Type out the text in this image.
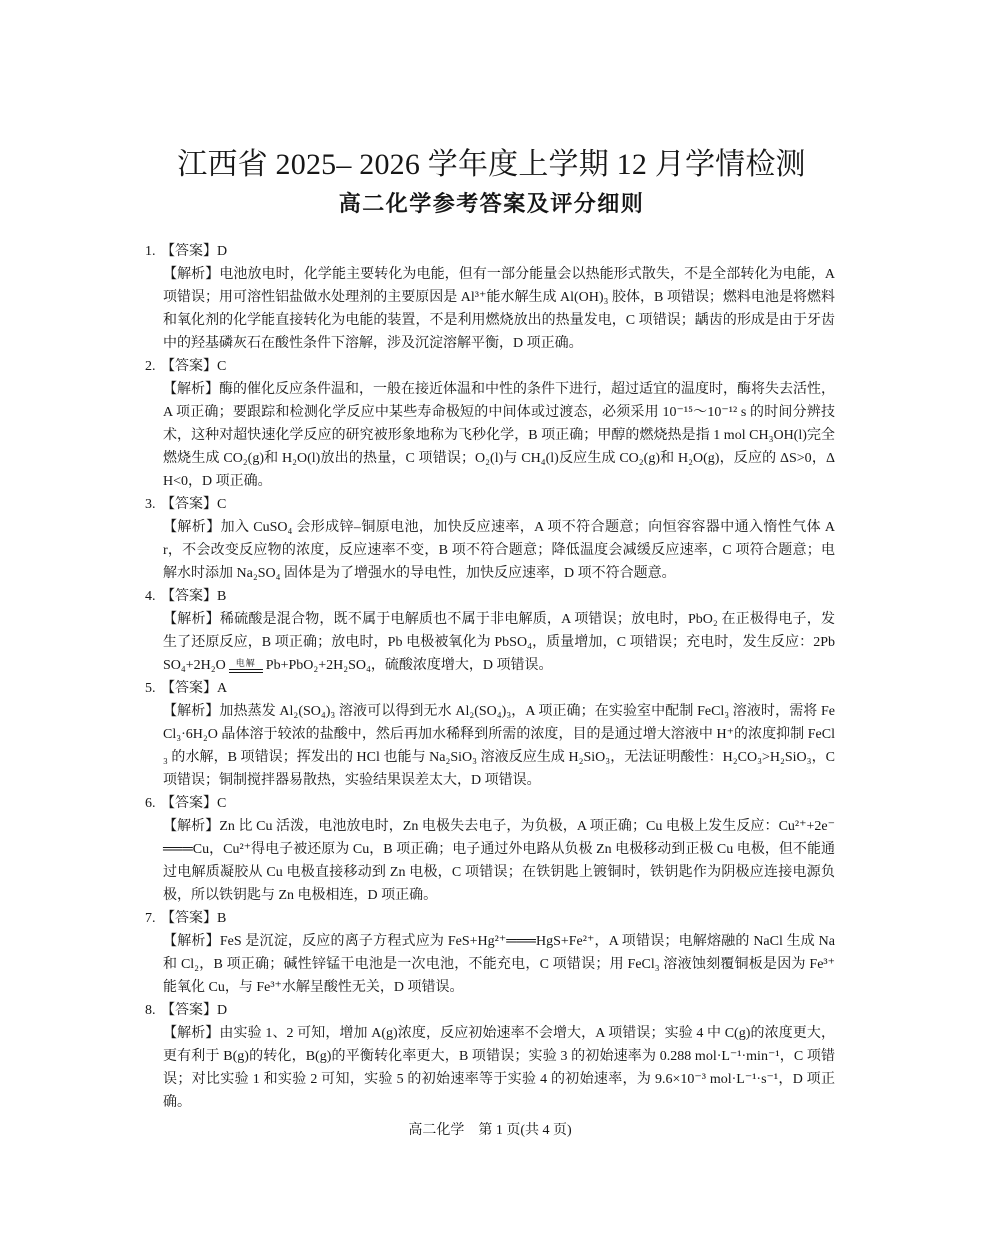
江西省 2025– 2026 学年度上学期 12 月学情检测
高二化学参考答案及评分细则
1. 【答案】D
【解析】电池放电时，化学能主要转化为电能，但有一部分能量会以热能形式散失，不是全部转化为电能，A 项错误；用可溶性铝盐做水处理剂的主要原因是 Al³⁺能水解生成 Al(OH)₃ 胶体，B 项错误；燃料电池是将燃料和氧化剂的化学能直接转化为电能的装置，不是利用燃烧放出的热量发电，C 项错误；龋齿的形成是由于牙齿中的羟基磷灰石在酸性条件下溶解，涉及沉淀溶解平衡，D 项正确。
2. 【答案】C
【解析】酶的催化反应条件温和，一般在接近体温和中性的条件下进行，超过适宜的温度时，酶将失去活性，A 项正确；要跟踪和检测化学反应中某些寿命极短的中间体或过渡态，必须采用 10⁻¹⁵～10⁻¹² s 的时间分辨技术，这种对超快速化学反应的研究被形象地称为飞秒化学，B 项正确；甲醇的燃烧热是指 1 mol CH₃OH(l)完全燃烧生成 CO₂(g)和 H₂O(l)放出的热量，C 项错误；O₂(l)与 CH₄(l)反应生成 CO₂(g)和 H₂O(g)，反应的 ΔS>0，ΔH<0，D 项正确。
3. 【答案】C
【解析】加入 CuSO₄ 会形成锌–铜原电池，加快反应速率，A 项不符合题意；向恒容容器中通入惰性气体 Ar，不会改变反应物的浓度，反应速率不变，B 项不符合题意；降低温度会减缓反应速率，C 项符合题意；电解水时添加 Na₂SO₄ 固体是为了增强水的导电性，加快反应速率，D 项不符合题意。
4. 【答案】B
【解析】稀硫酸是混合物，既不属于电解质也不属于非电解质，A 项错误；放电时，PbO₂ 在正极得电子，发生了还原反应，B 项正确；放电时，Pb 电极被氧化为 PbSO₄，质量增加，C 项错误；充电时，发生反应：2PbSO₄+2H₂O	电解 Pb+PbO₂+2H₂SO₄，硫酸浓度增大，D 项错误。
5. 【答案】A
【解析】加热蒸发 Al₂(SO₄)₃ 溶液可以得到无水 Al₂(SO₄)₃，A 项正确；在实验室中配制 FeCl₃ 溶液时，需将 FeCl₃·6H₂O 晶体溶于较浓的盐酸中，然后再加水稀释到所需的浓度，目的是通过增大溶液中 H⁺的浓度抑制 FeCl₃ 的水解，B 项错误；挥发出的 HCl 也能与 Na₂SiO₃ 溶液反应生成 H₂SiO₃，无法证明酸性：H₂CO₃>H₂SiO₃，C 项错误；铜制搅拌器易散热，实验结果误差太大，D 项错误。
6. 【答案】C
【解析】Zn 比 Cu 活泼，电池放电时，Zn 电极失去电子，为负极，A 项正确；Cu 电极上发生反应：Cu²⁺+2e⁻═══Cu，Cu²⁺得电子被还原为 Cu，B 项正确；电子通过外电路从负极 Zn 电极移动到正极 Cu 电极，但不能通过电解质凝胶从 Cu 电极直接移动到 Zn 电极，C 项错误；在铁钥匙上镀铜时，铁钥匙作为阴极应连接电源负极，所以铁钥匙与 Zn 电极相连，D 项正确。
7. 【答案】B
【解析】FeS 是沉淀，反应的离子方程式应为 FeS+Hg²⁺═══HgS+Fe²⁺，A 项错误；电解熔融的 NaCl 生成 Na 和 Cl₂，B 项正确；碱性锌锰干电池是一次电池，不能充电，C 项错误；用 FeCl₃ 溶液蚀刻覆铜板是因为 Fe³⁺能氧化 Cu，与 Fe³⁺水解呈酸性无关，D 项错误。
8. 【答案】D
【解析】由实验 1、2 可知，增加 A(g)浓度，反应初始速率不会增大，A 项错误；实验 4 中 C(g)的浓度更大，更有利于 B(g)的转化，B(g)的平衡转化率更大，B 项错误；实验 3 的初始速率为 0.288 mol·L⁻¹·min⁻¹，C 项错误；对比实验 1 和实验 2 可知，实验 5 的初始速率等于实验 4 的初始速率，为 9.6×10⁻³ mol·L⁻¹·s⁻¹，D 项正确。
高二化学　第 1 页(共 4 页)
